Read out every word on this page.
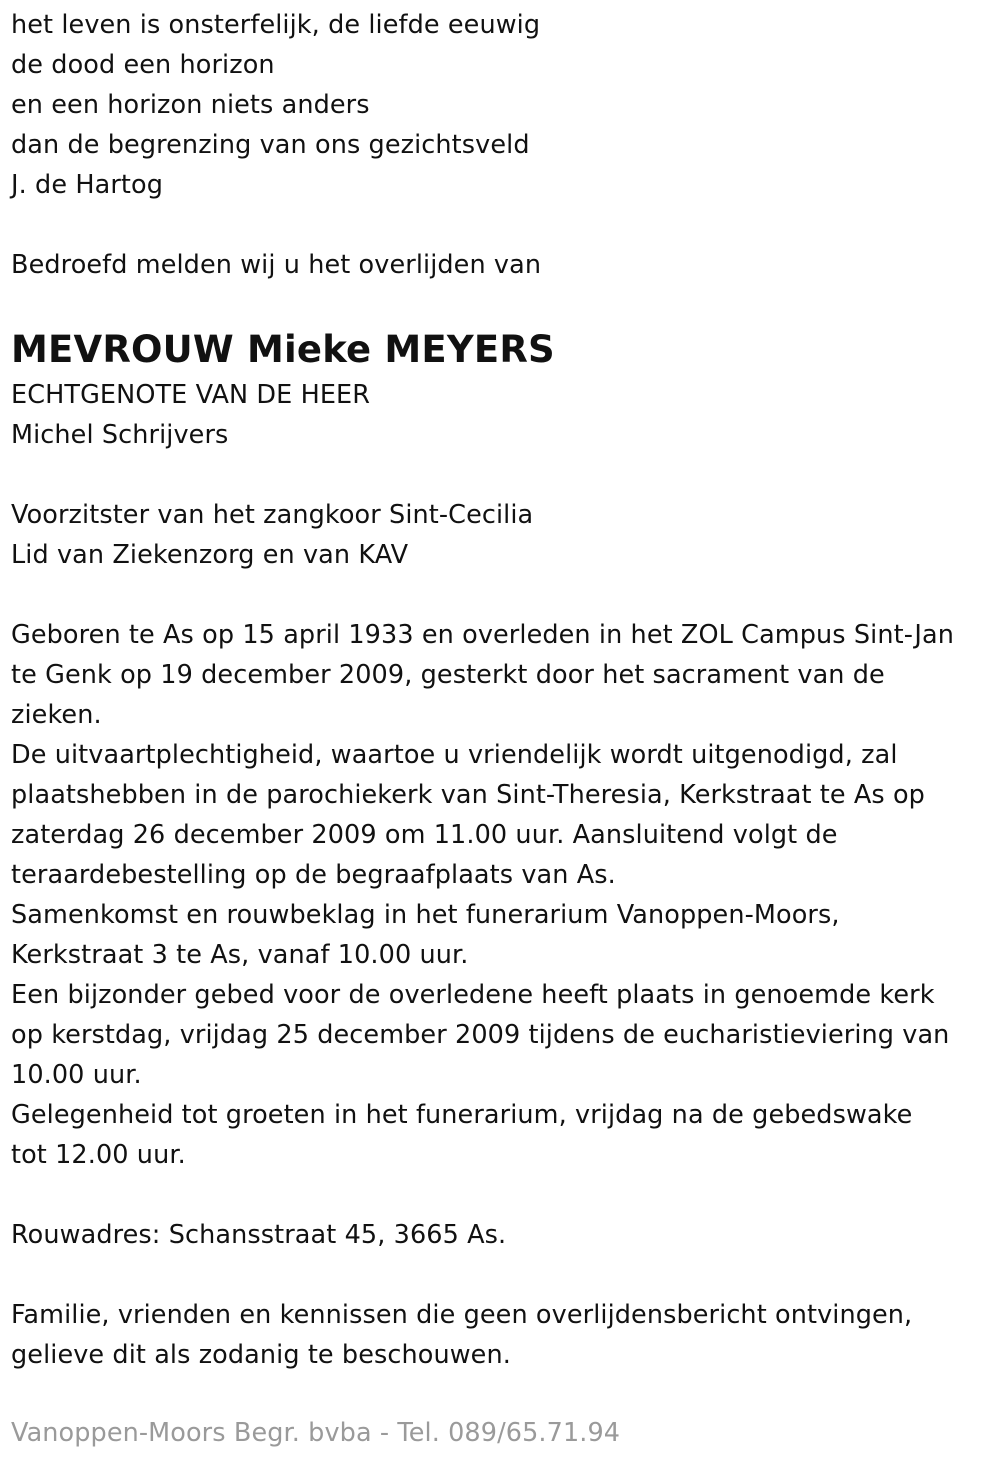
het leven is onsterfelijk, de liefde eeuwig
de dood een horizon
en een horizon niets anders
dan de begrenzing van ons gezichtsveld
J. de Hartog
Bedroefd melden wij u het overlijden van
MEVROUW Mieke MEYERS
ECHTGENOTE VAN DE HEER
Michel Schrijvers
Voorzitster van het zangkoor Sint-Cecilia
Lid van Ziekenzorg en van KAV
Geboren te As op 15 april 1933 en overleden in het ZOL Campus Sint-Jan
te Genk op 19 december 2009, gesterkt door het sacrament van de
zieken.
De uitvaartplechtigheid, waartoe u vriendelijk wordt uitgenodigd, zal
plaatshebben in de parochiekerk van Sint-Theresia, Kerkstraat te As op
zaterdag 26 december 2009 om 11.00 uur. Aansluitend volgt de
teraardebestelling op de begraafplaats van As.
Samenkomst en rouwbeklag in het funerarium Vanoppen-Moors,
Kerkstraat 3 te As, vanaf 10.00 uur.
Een bijzonder gebed voor de overledene heeft plaats in genoemde kerk
op kerstdag, vrijdag 25 december 2009 tijdens de eucharistieviering van
10.00 uur.
Gelegenheid tot groeten in het funerarium, vrijdag na de gebedswake
tot 12.00 uur.
Rouwadres: Schansstraat 45, 3665 As.
Familie, vrienden en kennissen die geen overlijdensbericht ontvingen,
gelieve dit als zodanig te beschouwen.
Vanoppen-Moors Begr. bvba - Tel. 089/65.71.94
